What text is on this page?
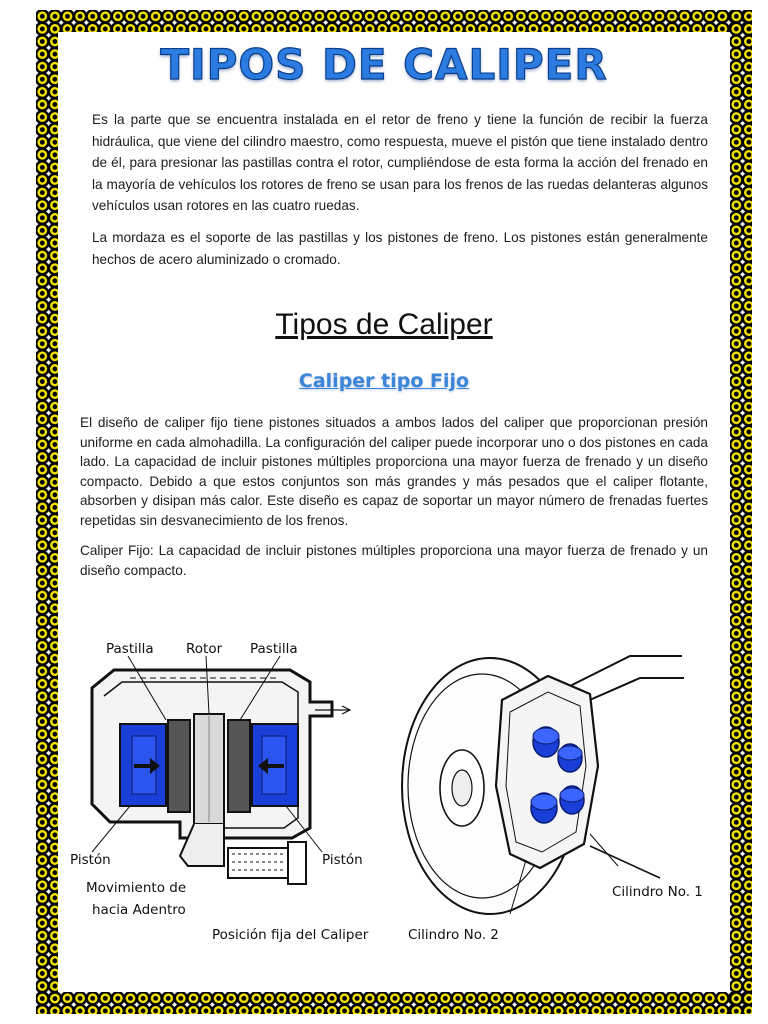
TIPOS DE CALIPER

Es la parte que se encuentra instalada en el retor de freno y tiene la función de recibir la fuerza hidráulica, que viene del cilindro maestro, como respuesta, mueve el pistón que tiene instalado dentro de él, para presionar las pastillas contra el rotor, cumpliéndose de esta forma la acción del frenado en la mayoría de vehículos los rotores de freno se usan para los frenos de las ruedas delanteras algunos vehículos usan rotores en las cuatro ruedas.

La mordaza es el soporte de las pastillas y los pistones de freno. Los pistones están generalmente hechos de acero aluminizado o cromado.

Tipos de Caliper
Caliper tipo Fijo

El diseño de caliper fijo tiene pistones situados a ambos lados del caliper que proporcionan presión uniforme en cada almohadilla. La configuración del caliper puede incorporar uno o dos pistones en cada lado. La capacidad de incluir pistones múltiples proporciona una mayor fuerza de frenado y un diseño compacto. Debido a que estos conjuntos son más grandes y más pesados que el caliper flotante, absorben y disipan más calor. Este diseño es capaz de soportar un mayor número de frenadas fuertes repetidas sin desvanecimiento de los frenos.

Caliper Fijo: La capacidad de incluir pistones múltiples proporciona una mayor fuerza de frenado y un diseño compacto.

Pastilla Rotor Pastilla
Pistón	Pistón
Movimiento de
hacia Adentro
Posición fija del Caliper
Cilindro No. 1
Cilindro No. 2
